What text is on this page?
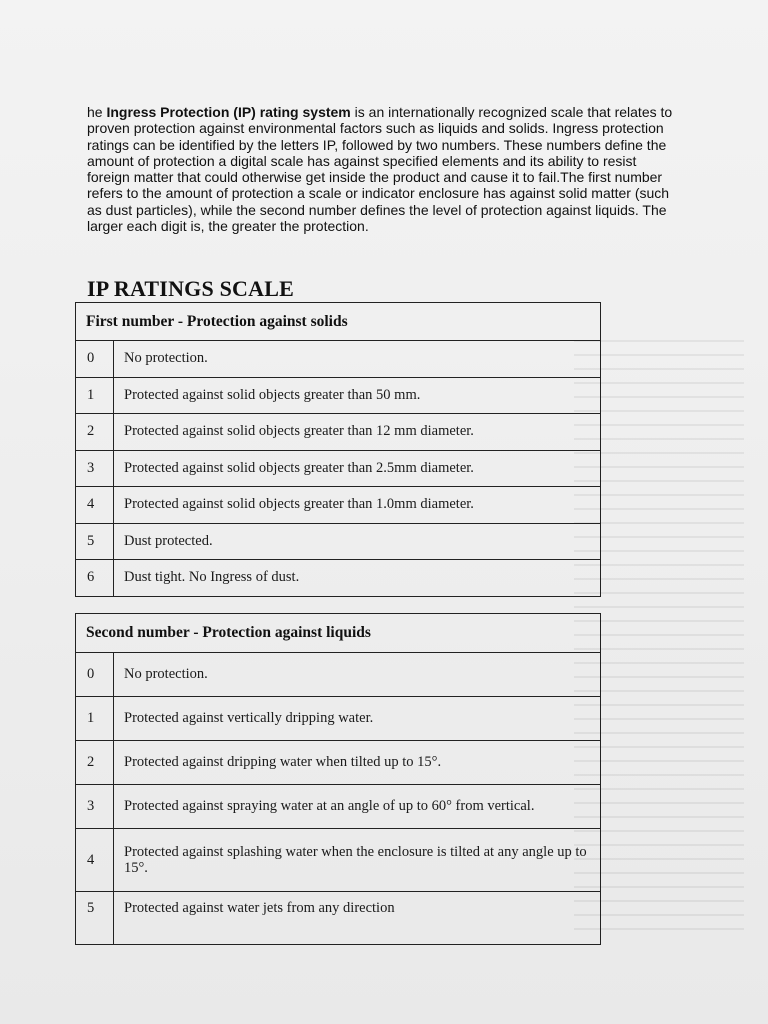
he Ingress Protection (IP) rating system is an internationally recognized scale that relates to proven protection against environmental factors such as liquids and solids. Ingress protection ratings can be identified by the letters IP, followed by two numbers. These numbers define the amount of protection a digital scale has against specified elements and its ability to resist foreign matter that could otherwise get inside the product and cause it to fail.The first number refers to the amount of protection a scale or indicator enclosure has against solid matter (such as dust particles), while the second number defines the level of protection against liquids. The larger each digit is, the greater the protection.

IP RATINGS SCALE
First number - Protection against solids	
0	No protection.
1	Protected against solid objects greater than 50 mm.
2	Protected against solid objects greater than 12 mm diameter.
3	Protected against solid objects greater than 2.5mm diameter.
4	Protected against solid objects greater than 1.0mm diameter.
5	Dust protected.
6	Dust tight. No Ingress of dust.
Second number - Protection against liquids	
0	No protection.
1	Protected against vertically dripping water.
2	Protected against dripping water when tilted up to 15°.
3	Protected against spraying water at an angle of up to 60° from vertical.
4	Protected against splashing water when the enclosure is tilted at any angle up to 15°.
5	Protected against water jets from any direction
